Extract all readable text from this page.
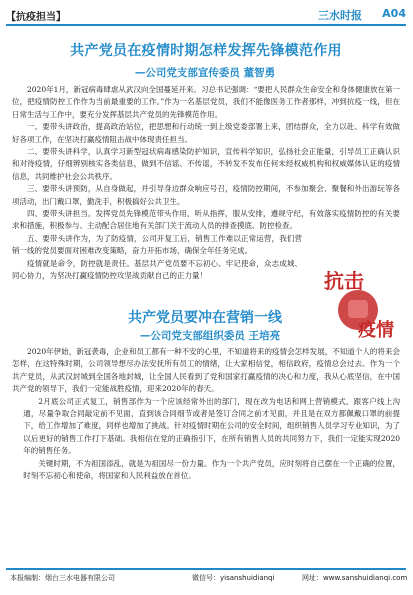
【抗疫担当】	三水时报 A04
共产党员在疫情时期怎样发挥先锋模范作用
—公司党支部宣传委员 董智勇

2020年1月，新冠病毒肆虐从武汉向全国蔓延开来。习总书记强调：“要把人民群众生命安全和身体健康放在第一位，把疫情防控工作作为当前最重要的工作。”作为一名基层党员，我们不能像医务工作者那样，冲到抗疫一线，但在日常生活与工作中，要充分发挥基层共产党员的先锋模范作用。

一、要带头讲政治，提高政治站位，把思想和行动统一到上级党委部署上来，团结群众，全力以赴、科学有效做好各项工作，在坚决打赢疫情阻击战中体现责任担当。

二、要带头讲科学，认真学习新型冠状病毒感染防护知识，宣传科学知识，弘扬社会正能量，引导员工正确认识和对待疫情，仔细辨别核实各类信息，做到不信谣、不传谣，不转发不发布任何未经权威机构和权威媒体认证的疫情信息，共同维护社会公共秩序。

三、要带头讲预防，从自身做起，并引导身边群众响应号召，疫情防控期间，不参加聚会、聚餐和外出游玩等各项活动，出门戴口罩，勤洗手，积极搞好公共卫生。

四、要带头讲担当。发挥党员先锋模范带头作用，听从指挥，服从安排，遵规守纪，有效落实疫情防控的有关要求和措施，积极参与、主动配合居住地有关部门关于流动人员的排查摸底、防控检查。

五、要带头讲作为，为了防疫情，公司开复工后，销售工作难以正常运营，我们营销一线的党员要面对困难改变策略，奋力开拓市场，确保全年任务完成。

疫情就是命令，防控就是责任。基层共产党员要不忘初心、牢记使命，众志成城、同心协力，为坚决打赢疫情防控攻坚战贡献自己的正力量！	抗击
疫情
共产党员要冲在营销一线
—公司党支部组织委员 王培亮

2020年伊始，新冠袭毒，企业和员工都有一种不安的心里，不知道将来的疫情会怎样发展，不知道个人的将来会怎样，在这特殊时期，公司领导想尽办法安抚所有员工的情绪，让大家相信党，相信政府，疫情总会过去。作为一个共产党员，从武汉封城到全国各地封城，让全国人民看到了党和国家打赢疫情的决心和力度，我从心底坚信，在中国共产党的领导下，我们一定能战胜疫情，迎来2020年的春天。

2月底公司正式复工，销售部作为一个应该经常外出的部门，现在改为电话和网上营销模式，跟客户线上沟通，尽量争取合同敲定前不见面，直到该合同细节或者是签订合同之前才见面，并且是在双方都佩戴口罩的前提下，给工作增加了难度，同样也增加了挑战。针对疫情时期在公司的安全时间，组织销售人员学习专业知识，为了以后更好的销售工作打下基础。我相信在党的正确指引下，在所有销售人员的共同努力下，我们一定能实现2020年的销售任务。

关键时期，不为祖国添乱，就是为祖国尽一份力量。作为一个共产党员，应时刻将自己摆在一个正确的位置，时刻不忘初心和使命，将国家和人民利益放在首位。

本报编制：烟台三水电器有限公司	微信号：yisanshuidianqi	网址：www.sanshuidianqi.com
